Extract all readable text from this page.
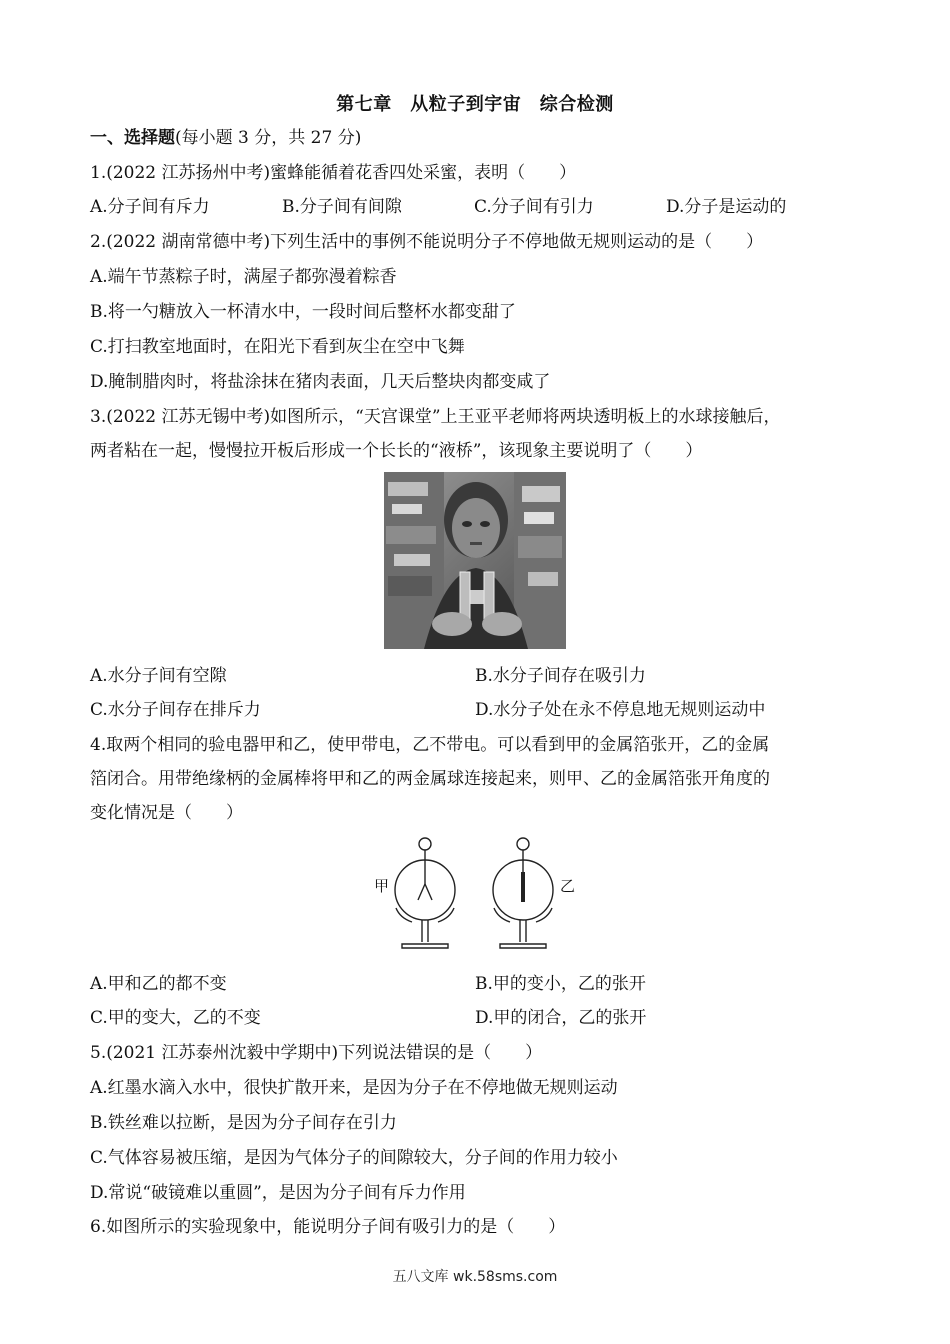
第七章　从粒子到宇宙　综合检测
一、选择题(每小题 3 分，共 27 分)
1.(2022 江苏扬州中考)蜜蜂能循着花香四处采蜜，表明（　　）
A.分子间有斥力	B.分子间有间隙	C.分子间有引力	D.分子是运动的
2.(2022 湖南常德中考)下列生活中的事例不能说明分子不停地做无规则运动的是（　　）
A.端午节蒸粽子时，满屋子都弥漫着粽香
B.将一勺糖放入一杯清水中，一段时间后整杯水都变甜了
C.打扫教室地面时，在阳光下看到灰尘在空中飞舞
D.腌制腊肉时，将盐涂抹在猪肉表面，几天后整块肉都变咸了
3.(2022 江苏无锡中考)如图所示，“天宫课堂”上王亚平老师将两块透明板上的水球接触后，
两者粘在一起，慢慢拉开板后形成一个长长的“液桥”，该现象主要说明了（　　）
A.水分子间有空隙	B.水分子间存在吸引力
C.水分子间存在排斥力	D.水分子处在永不停息地无规则运动中
4.取两个相同的验电器甲和乙，使甲带电，乙不带电。可以看到甲的金属箔张开，乙的金属
箔闭合。用带绝缘柄的金属棒将甲和乙的两金属球连接起来，则甲、乙的金属箔张开角度的
变化情况是（　　）
甲	乙
A.甲和乙的都不变	B.甲的变小，乙的张开
C.甲的变大，乙的不变	D.甲的闭合，乙的张开
5.(2021 江苏泰州沈毅中学期中)下列说法错误的是（　　）
A.红墨水滴入水中，很快扩散开来，是因为分子在不停地做无规则运动
B.铁丝难以拉断，是因为分子间存在引力
C.气体容易被压缩，是因为气体分子的间隙较大，分子间的作用力较小
D.常说“破镜难以重圆”，是因为分子间有斥力作用
6.如图所示的实验现象中，能说明分子间有吸引力的是（　　）
五八文库 wk.58sms.com
